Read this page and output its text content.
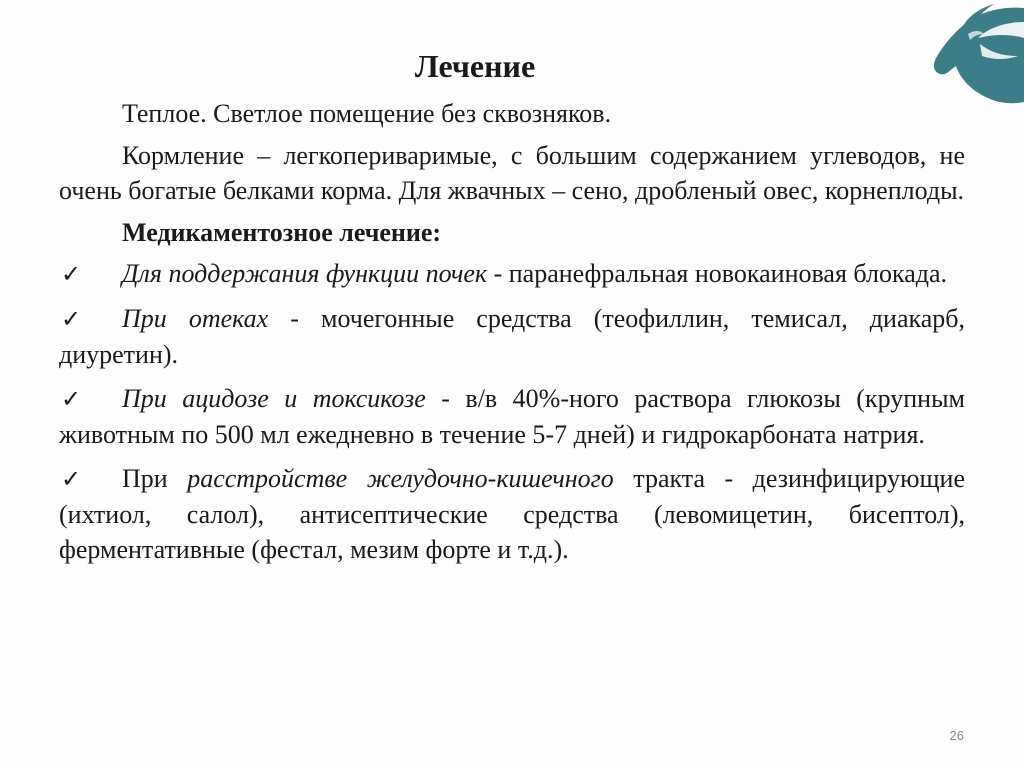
Лечение

Теплое. Светлое помещение без сквозняков.

Кормление – легкопериваримые, с большим содержанием углеводов, не очень богатые белками корма. Для жвачных – сено, дробленый овес, корнеплоды.

Медикаментозное лечение:
✓ Для поддержания функции почек - паранефральная новокаиновая блокада.
✓ При отеках - мочегонные средства (теофиллин, темисал, диакарб, диуретин).
✓ При ацидозе и токсикозе - в/в 40%-ного раствора глюкозы (крупным животным по 500 мл ежедневно в течение 5-7 дней) и гидрокарбоната натрия.
✓ При расстройстве желудочно-кишечного тракта - дезинфицирующие (ихтиол, салол), антисептические средства (левомицетин, бисептол), ферментативные (фестал, мезим форте и т.д.).
26
